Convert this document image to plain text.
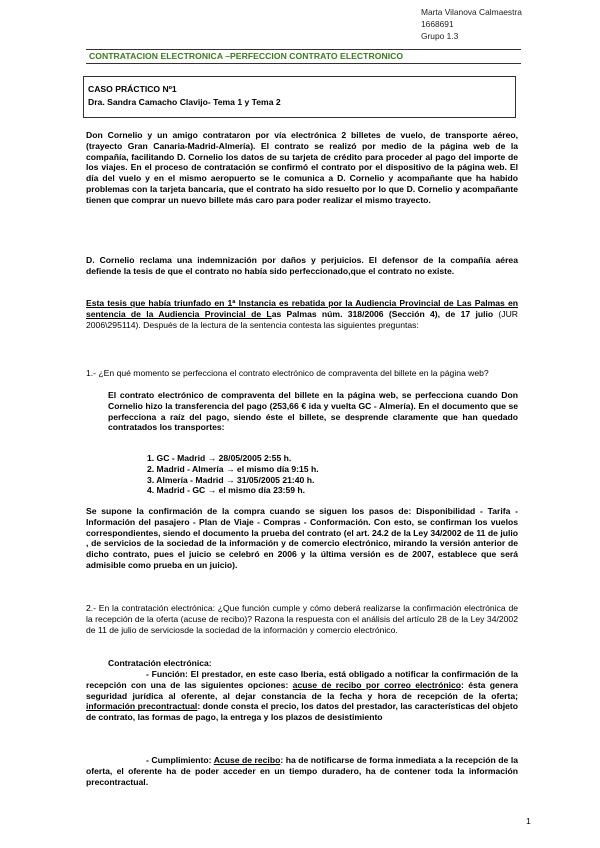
Marta Vilanova Calmaestra
1668691
Grupo 1.3
CONTRATACION ELECTRONICA –PERFECCION CONTRATO ELECTRONICO
CASO PRÁCTICO Nº1
Dra. Sandra Camacho Clavijo- Tema 1 y Tema 2
Don Cornelio y un amigo contrataron por vía electrónica 2 billetes de vuelo, de transporte aéreo, (trayecto Gran Canaria-Madrid-Almería). El contrato se realizó por medio de la página web de la compañía, facilitando D. Cornelio los datos de su tarjeta de crédito para proceder al pago del importe de los viajes. En el proceso de contratación se confirmó el contrato por el dispositivo de la página web. El día del vuelo y en el mismo aeropuerto se le comunica a D. Cornelio y acompañante que ha habido problemas con la tarjeta bancaria, que el contrato ha sido resuelto por lo que D. Cornelio y acompañante tienen que comprar un nuevo billete más caro para poder realizar el mismo trayecto.
D. Cornelio reclama una indemnización por daños y perjuicios. El defensor de la compañía aérea defiende la tesis de que el contrato no había sido perfeccionado,que el contrato no existe.
Esta tesis que había triunfado en 1ª Instancia es rebatida por la Audiencia Provincial de Las Palmas en sentencia de la Audiencia Provincial de Las Palmas núm. 318/2006 (Sección 4), de 17 julio (JUR 2006\295114). Después de la lectura de la sentencia contesta las siguientes preguntas:
1.- ¿En qué momento se perfecciona el contrato electrónico de compraventa del billete en la página web?
El contrato electrónico de compraventa del billete en la página web, se perfecciona cuando Don Cornelio hizo la transferencia del pago (253,66 € ida y vuelta GC - Almería). En el documento que se perfecciona a raíz del pago, siendo éste el billete, se desprende claramente que han quedado contratados los transportes:
1. GC - Madrid → 28/05/2005 2:55 h.
2. Madrid - Almería → el mismo día 9:15 h.
3. Almería - Madrid → 31/05/2005 21:40 h.
4. Madrid - GC → el mismo día 23:59 h.
Se supone la confirmación de la compra cuando se siguen los pasos de: Disponibilidad - Tarifa - Información del pasajero - Plan de Viaje - Compras - Conformación. Con esto, se confirman los vuelos correspondientes, siendo el documento la prueba del contrato (el art. 24.2 de la Ley 34/2002 de 11 de julio , de servicios de la sociedad de la información y de comercio electrónico, mirando la versión anterior de dicho contrato, pues el juicio se celebró en 2006 y la última versión es de 2007, establece que será admisible como prueba en un juicio).
2.- En la contratación electrónica: ¿Que función cumple y cómo deberá realizarse la confirmación electrónica de la recepción de la oferta (acuse de recibo)? Razona la respuesta con el análisis del artículo 28 de la Ley 34/2002 de 11 de julio de serviciosde la sociedad de la información y comercio electrónico.
Contratación electrónica:
- Función: El prestador, en este caso Iberia, está obligado a notificar la confirmación de la recepción con una de las siguientes opciones: acuse de recibo por correo electrónico: ésta genera seguridad jurídica al oferente, al dejar constancia de la fecha y hora de recepción de la oferta; información precontractual: donde consta el precio, los datos del prestador, las características del objeto de contrato, las formas de pago, la entrega y los plazos de desistimiento
- Cumplimiento: Acuse de recibo: ha de notificarse de forma inmediata a la recepción de la oferta, el oferente ha de poder acceder en un tiempo duradero, ha de contener toda la información precontractual.
1
